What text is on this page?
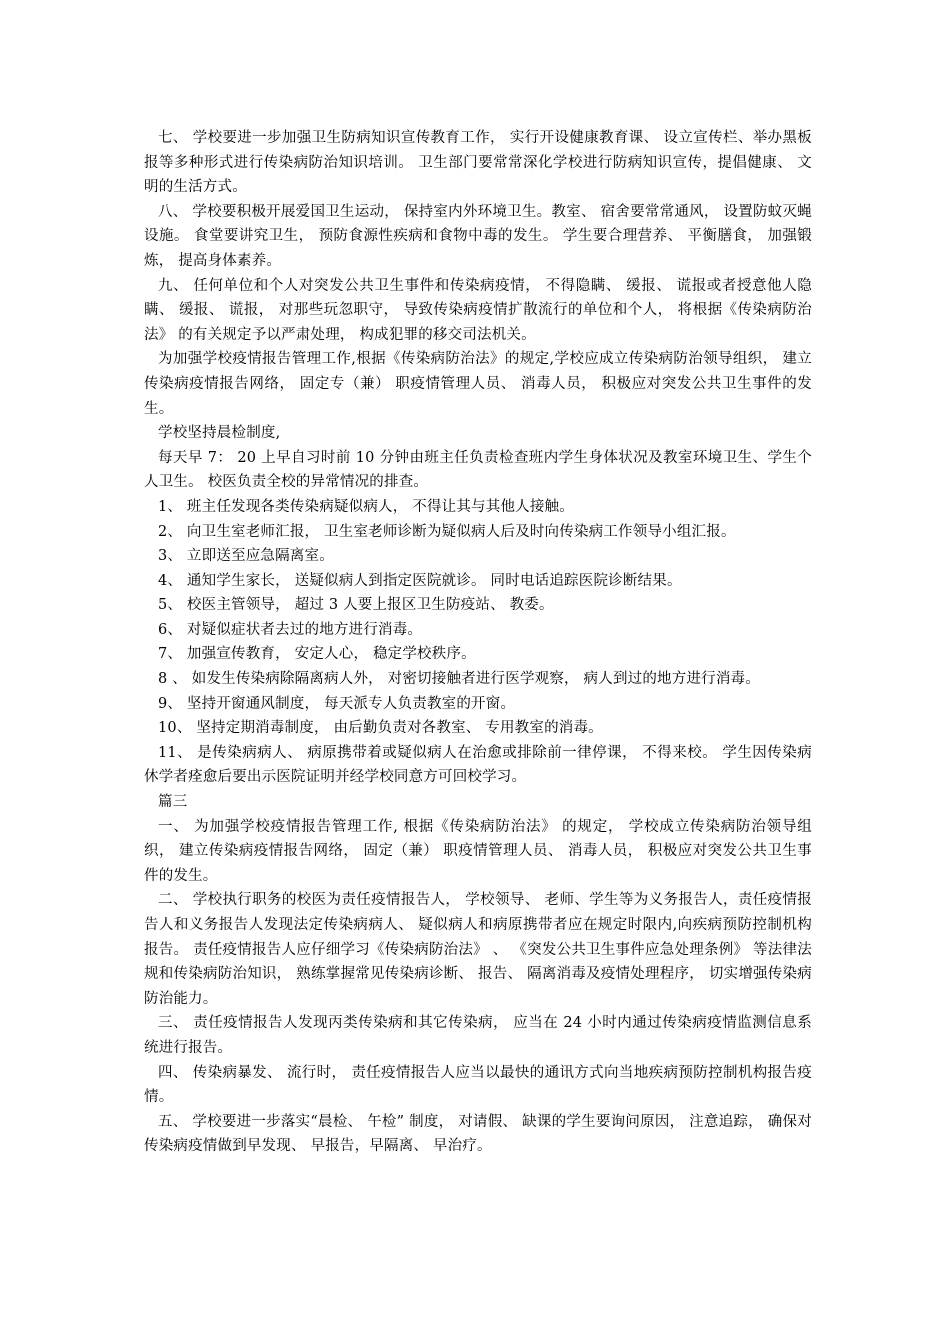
七、 学校要进一步加强卫生防病知识宣传教育工作， 实行开设健康教育课、 设立宣传栏、举办黑板报等多种形式进行传染病防治知识培训。 卫生部门要常常深化学校进行防病知识宣传，提倡健康、 文明的生活方式。

八、 学校要积极开展爱国卫生运动， 保持室内外环境卫生。教室、 宿舍要常常通风， 设置防蚊灭蝇设施。 食堂要讲究卫生， 预防食源性疾病和食物中毒的发生。 学生要合理营养、 平衡膳食， 加强锻炼， 提高身体素养。

九、 任何单位和个人对突发公共卫生事件和传染病疫情， 不得隐瞒、 缓报、 谎报或者授意他人隐瞒、 缓报、 谎报， 对那些玩忽职守， 导致传染病疫情扩散流行的单位和个人， 将根据《传染病防治法》 的有关规定予以严肃处理， 构成犯罪的移交司法机关。

为加强学校疫情报告管理工作,根据《传染病防治法》的规定,学校应成立传染病防治领导组织， 建立传染病疫情报告网络， 固定专（兼） 职疫情管理人员、 消毒人员， 积极应对突发公共卫生事件的发生。

学校坚持晨检制度,

每天早 7： 20 上早自习时前 10 分钟由班主任负责检查班内学生身体状况及教室环境卫生、学生个人卫生。 校医负责全校的异常情况的排查。

1、 班主任发现各类传染病疑似病人， 不得让其与其他人接触。

2、 向卫生室老师汇报， 卫生室老师诊断为疑似病人后及时向传染病工作领导小组汇报。

3、 立即送至应急隔离室。

4、 通知学生家长， 送疑似病人到指定医院就诊。 同时电话追踪医院诊断结果。

5、 校医主管领导， 超过 3 人要上报区卫生防疫站、 教委。

6、 对疑似症状者去过的地方进行消毒。

7、 加强宣传教育， 安定人心， 稳定学校秩序。

8 、 如发生传染病除隔离病人外， 对密切接触者进行医学观察， 病人到过的地方进行消毒。

9、 坚持开窗通风制度， 每天派专人负责教室的开窗。

10、 坚持定期消毒制度， 由后勤负责对各教室、 专用教室的消毒。

11、 是传染病病人、 病原携带着或疑似病人在治愈或排除前一律停课， 不得来校。 学生因传染病休学者痊愈后要出示医院证明并经学校同意方可回校学习。

篇三

一、 为加强学校疫情报告管理工作, 根据《传染病防治法》 的规定， 学校成立传染病防治领导组织， 建立传染病疫情报告网络， 固定（兼） 职疫情管理人员、 消毒人员， 积极应对突发公共卫生事件的发生。

二、 学校执行职务的校医为责任疫情报告人， 学校领导、 老师、学生等为义务报告人，责任疫情报告人和义务报告人发现法定传染病病人、 疑似病人和病原携带者应在规定时限内,向疾病预防控制机构报告。 责任疫情报告人应仔细学习《传染病防治法》 、 《突发公共卫生事件应急处理条例》 等法律法规和传染病防治知识， 熟练掌握常见传染病诊断、 报告、 隔离消毒及疫情处理程序， 切实增强传染病防治能力。

三、 责任疫情报告人发现丙类传染病和其它传染病， 应当在 24 小时内通过传染病疫情监测信息系统进行报告。

四、 传染病暴发、 流行时， 责任疫情报告人应当以最快的通讯方式向当地疾病预防控制机构报告疫情。

五、 学校要进一步落实“晨检、 午检” 制度， 对请假、 缺课的学生要询问原因， 注意追踪， 确保对传染病疫情做到早发现、 早报告，早隔离、 早治疗。
